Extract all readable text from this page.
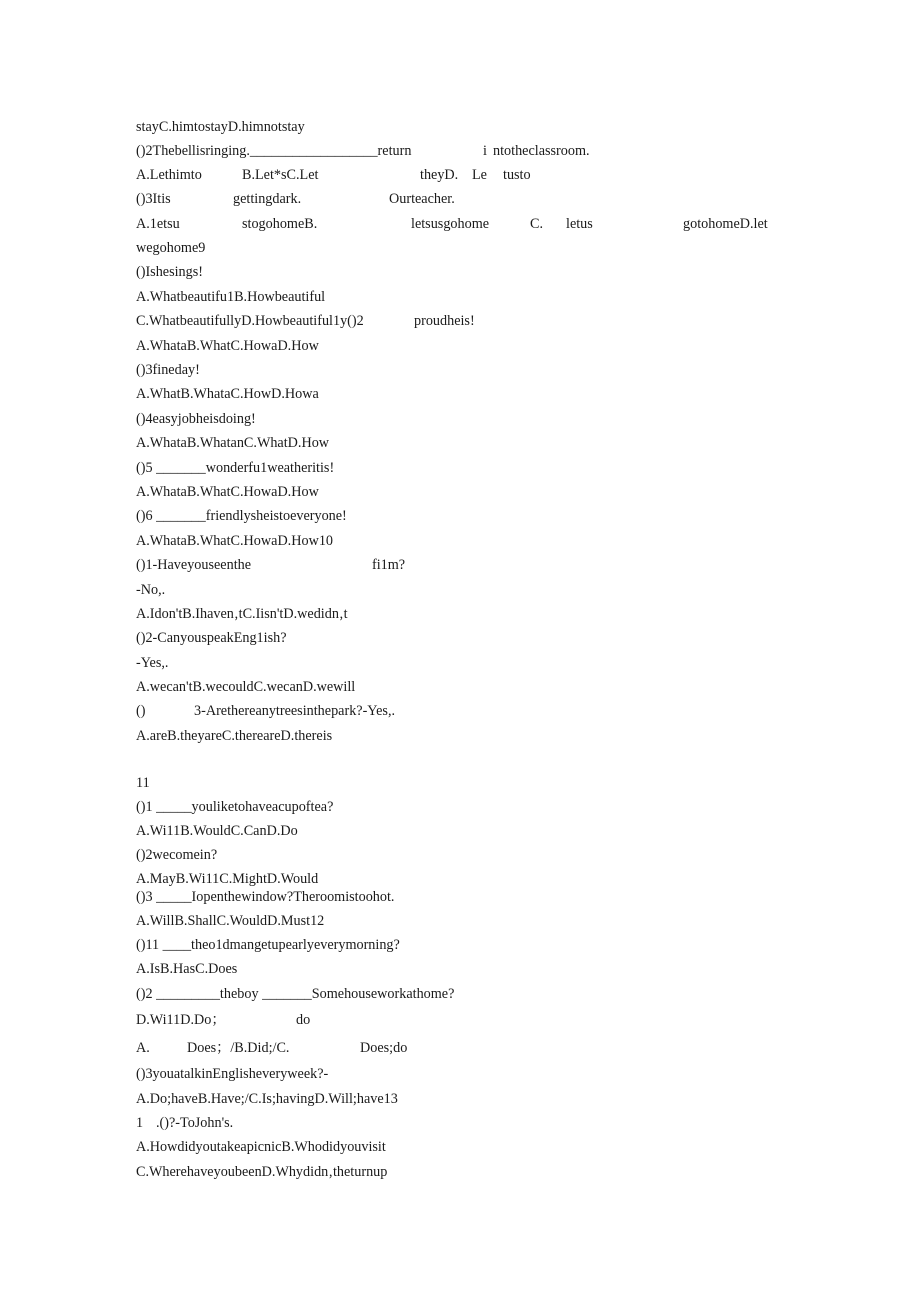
stayC.himtostayD.himnotstay
()2Thebellisringing.__________________return	i ntotheclassroom.
A.Lethimto	B.Let*sC.Let	theyD. Le tusto
()3Itis	gettingdark.	Ourteacher.
A.1etsu	stogohomeB.	letsusgohome	C. letus	gotohomeD.let
wegohome9
()Ishesings!
A.Whatbeautifu1B.Howbeautiful
C.WhatbeautifullyD.Howbeautiful1y()2	proudheis!
A.WhataB.WhatC.HowaD.How
()3fineday!
A.WhatB.WhataC.HowD.Howa
()4easyjobheisdoing!
A.WhataB.WhatanC.WhatD.How
()5 _______wonderfu1weatheritis!
A.WhataB.WhatC.HowaD.How
()6 _______friendlysheistoeveryone!
A.WhataB.WhatC.HowaD.How10
()1-Haveyouseenthe	fi1m?
-No,.
A.Idon'tB.Ihaven‚tC.Iisn'tD.wedidn‚t
()2-CanyouspeakEng1ish?
-Yes,.
A.wecan'tB.wecouldC.wecanD.wewill
()	3-Arethereanytreesinthepark?-Yes,.
A.areB.theyareC.thereareD.thereis
11
()1 _____youliketohaveacupoftea?
A.Wi11B.WouldC.CanD.Do
()2wecomein?
A.MayB.Wi11C.MightD.Would
()3 _____Iopenthewindow?Theroomistoohot.
A.WillB.ShallC.WouldD.Must12
()11 ____theo1dmangetupearlyeverymorning?
A.IsB.HasC.Does
()2 _________theboy _______Somehouseworkathome?
D.Wi11D.Do；	do
A.	Does；/B.Did;/C.	Does;do
()3youatalkinEnglisheveryweek?-
A.Do;haveB.Have;/C.Is;havingD.Will;have13
1 .()?-ToJohn's.
A.HowdidyoutakeapicnicB.Whodidyouvisit
C.WherehaveyoubeenD.Whydidn‚theturnup
